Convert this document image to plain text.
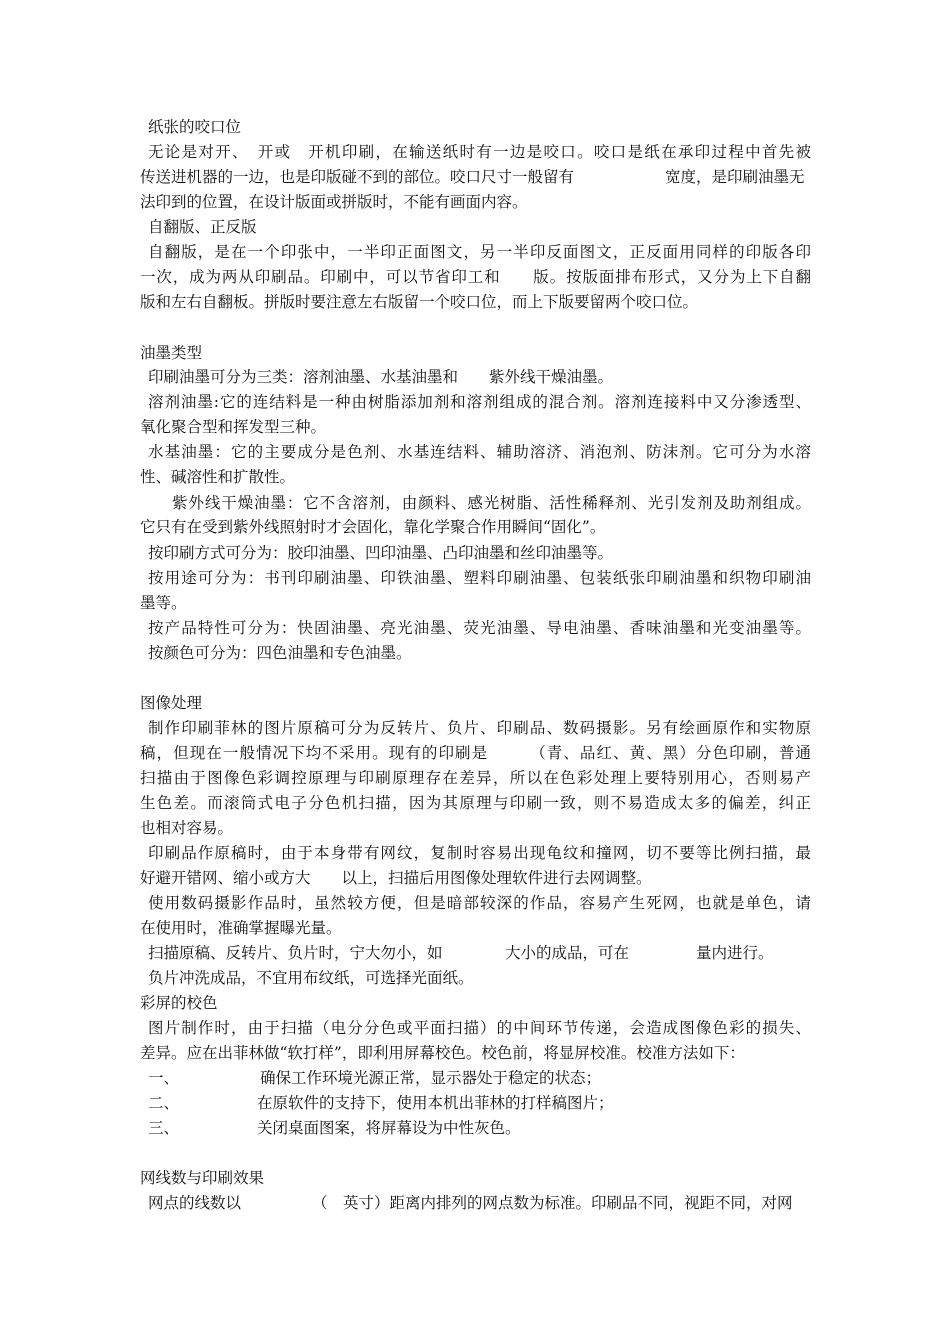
纸张的咬口位

无论是对开、　开或　开机印刷，在输送纸时有一边是咬口。咬口是纸在承印过程中首先被

传送进机器的一边，也是印版碰不到的部位。咬口尺寸一般留有	宽度，是印刷油墨无

法印到的位置，在设计版面或拼版时，不能有画面内容。

自翻版、正反版

自翻版，是在一个印张中，一半印正面图文，另一半印反面图文，正反面用同样的印版各印

一次，成为两从印刷品。印刷中，可以节省印工和　　版。按版面排布形式，又分为上下自翻

版和左右自翻板。拼版时要注意左右版留一个咬口位，而上下版要留两个咬口位。

油墨类型

印刷油墨可分为三类：溶剂油墨、水基油墨和　　紫外线干燥油墨。

溶剂油墨:它的连结料是一种由树脂添加剂和溶剂组成的混合剂。溶剂连接料中又分渗透型、

氧化聚合型和挥发型三种。

水基油墨：它的主要成分是色剂、水基连结料、辅助溶济、消泡剂、防沫剂。它可分为水溶

性、碱溶性和扩散性。

紫外线干燥油墨：它不含溶剂，由颜料、感光树脂、活性稀释剂、光引发剂及助剂组成。

它只有在受到紫外线照射时才会固化，靠化学聚合作用瞬间“固化”。

按印刷方式可分为：胶印油墨、凹印油墨、凸印油墨和丝印油墨等。

按用途可分为：书刊印刷油墨、印铁油墨、塑料印刷油墨、包装纸张印刷油墨和织物印刷油

墨等。

按产品特性可分为：快固油墨、亮光油墨、荧光油墨、导电油墨、香味油墨和光变油墨等。

按颜色可分为：四色油墨和专色油墨。

图像处理

制作印刷菲林的图片原稿可分为反转片、负片、印刷品、数码摄影。另有绘画原作和实物原

稿，但现在一般情况下均不采用。现有的印刷是　　　（青、品红、黄、黑）分色印刷，普通

扫描由于图像色彩调控原理与印刷原理存在差异，所以在色彩处理上要特别用心，否则易产

生色差。而滚筒式电子分色机扫描，因为其原理与印刷一致，则不易造成太多的偏差，纠正

也相对容易。

印刷品作原稿时，由于本身带有网纹，复制时容易出现龟纹和撞网，切不要等比例扫描，最

好避开错网、缩小或方大　　以上，扫描后用图像处理软件进行去网调整。

使用数码摄影作品时，虽然较方便，但是暗部较深的作品，容易产生死网，也就是单色，请

在使用时，准确掌握曝光量。

扫描原稿、反转片、负片时，宁大勿小，如	大小的成品，可在	量内进行。

负片冲洗成品，不宜用布纹纸，可选择光面纸。

彩屏的校色

图片制作时，由于扫描（电分分色或平面扫描）的中间环节传递，会造成图像色彩的损失、

差异。应在出菲林做“软打样”，即利用屏幕校色。校色前，将显屏校准。校准方法如下：

一、	确保工作环境光源正常，显示器处于稳定的状态；
二、	在原软件的支持下，使用本机出菲林的打样稿图片；
三、	关闭桌面图案，将屏幕设为中性灰色。

网线数与印刷效果

网点的线数以	（　英寸）距离内排列的网点数为标准。印刷品不同，视距不同，对网
